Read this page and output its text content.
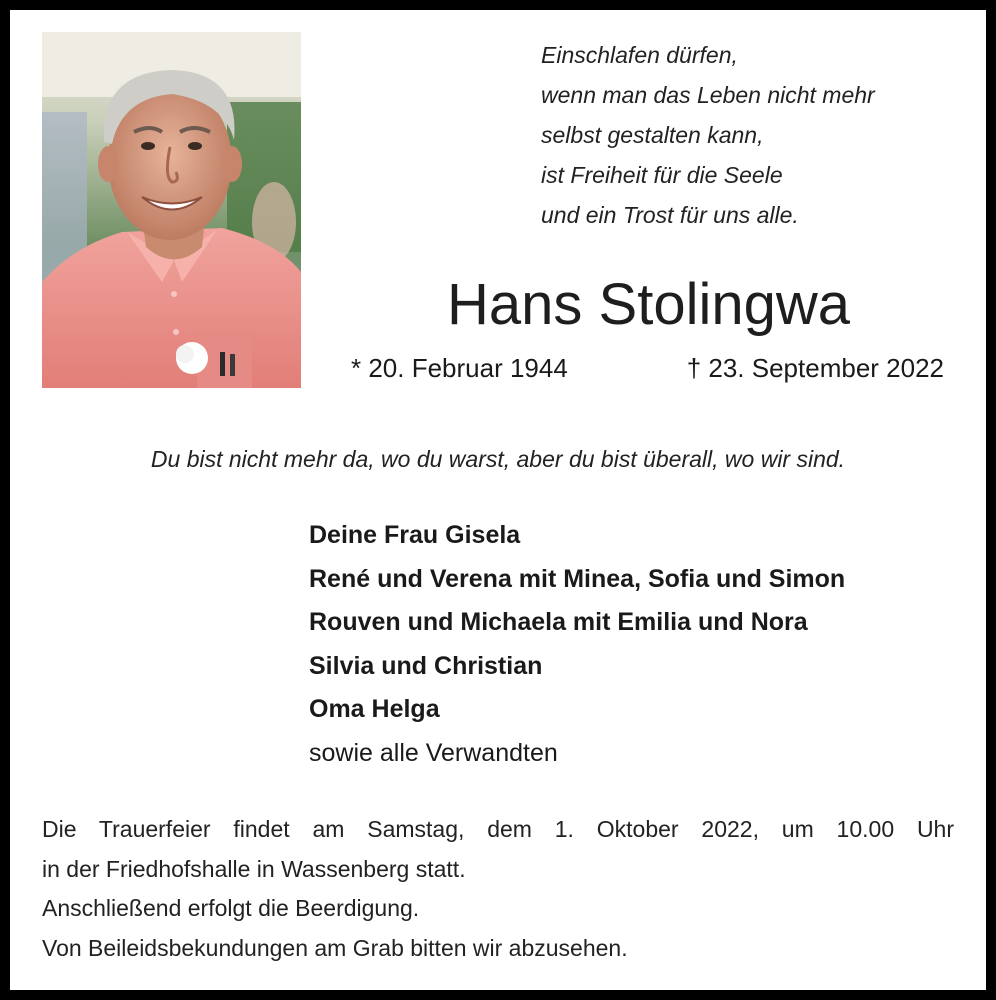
Einschlafen dürfen,
wenn man das Leben nicht mehr
selbst gestalten kann,
ist Freiheit für die Seele
und ein Trost für uns alle.
Hans Stolingwa
* 20. Februar 1944	† 23. September 2022
Du bist nicht mehr da, wo du warst, aber du bist überall, wo wir sind.
Deine Frau Gisela
René und Verena mit Minea, Sofia und Simon
Rouven und Michaela mit Emilia und Nora
Silvia und Christian
Oma Helga
sowie alle Verwandten
Die Trauerfeier findet am Samstag, dem 1. Oktober 2022, um 10.00 Uhr
in der Friedhofshalle in Wassenberg statt.
Anschließend erfolgt die Beerdigung.
Von Beileidsbekundungen am Grab bitten wir abzusehen.
